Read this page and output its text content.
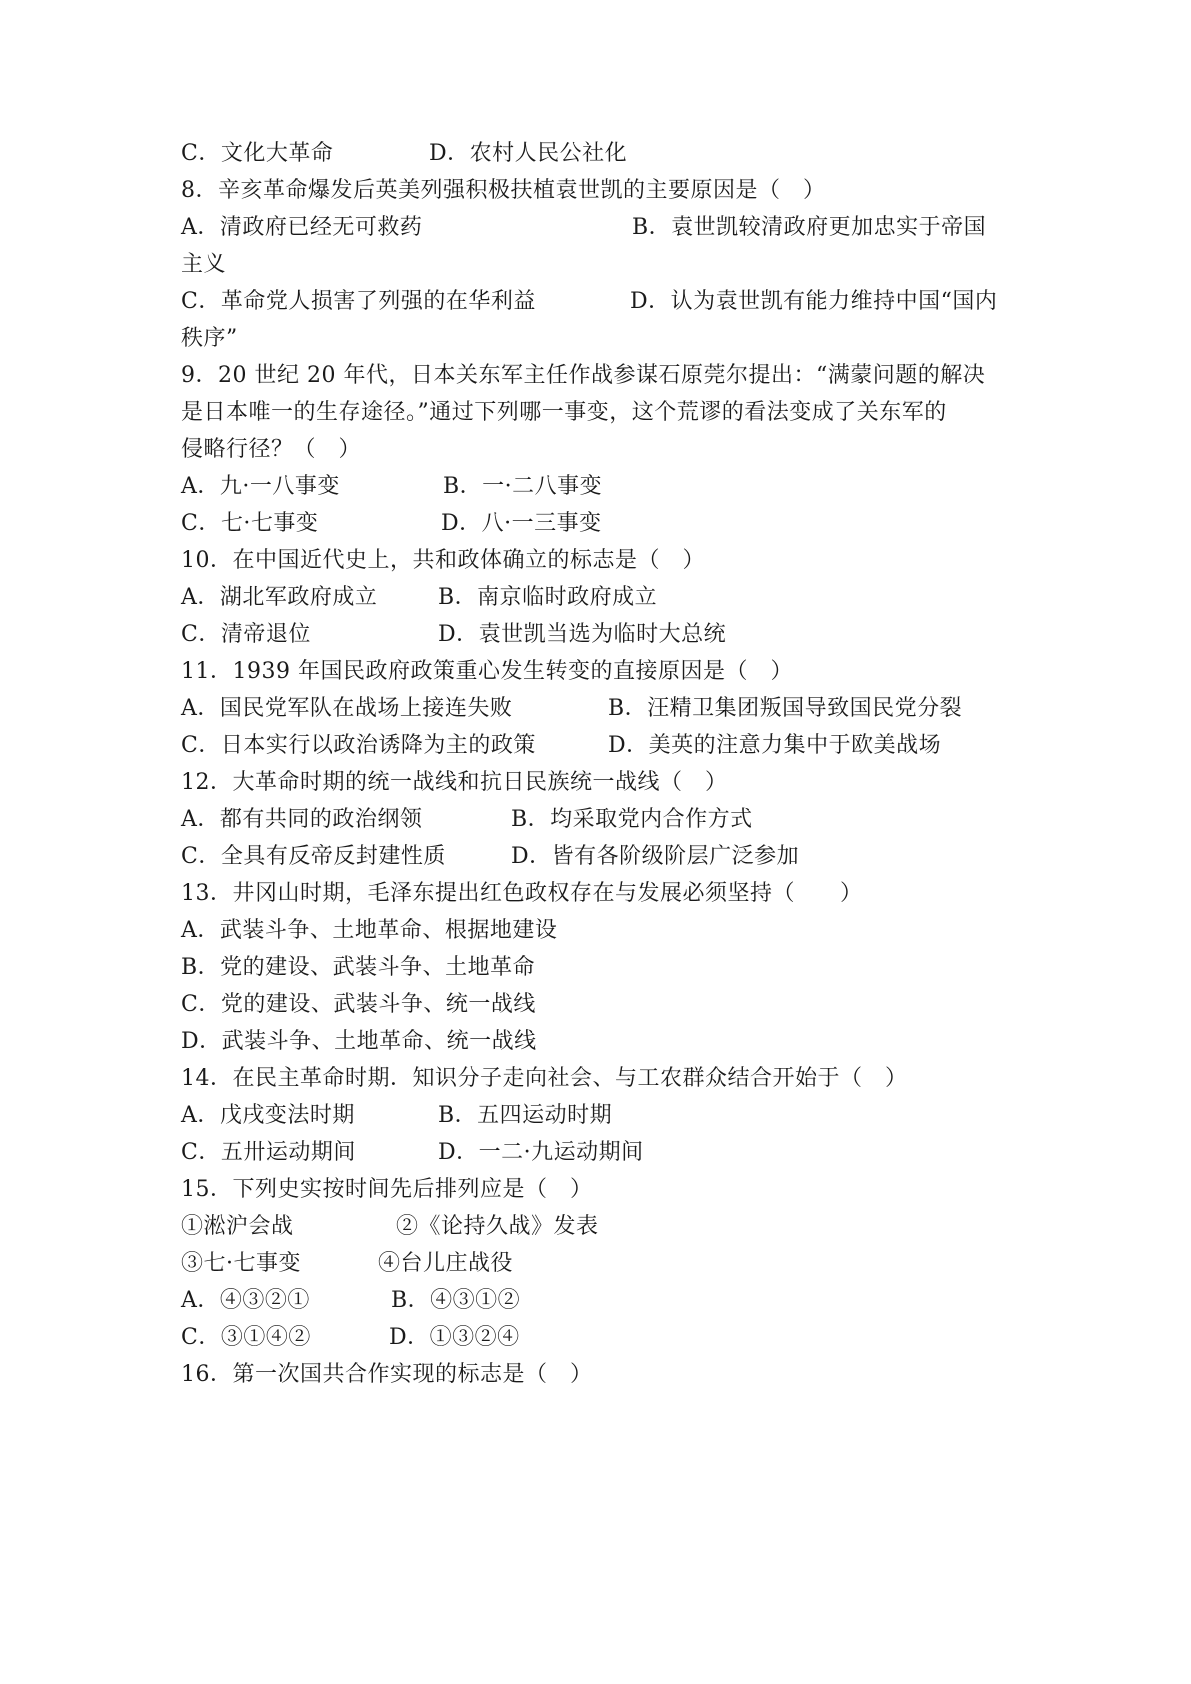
C．文化大革命	D．农村人民公社化
8．辛亥革命爆发后英美列强积极扶植袁世凯的主要原因是（　）
A．清政府已经无可救药	B．袁世凯较清政府更加忠实于帝国
主义
C．革命党人损害了列强的在华利益	D．认为袁世凯有能力维持中国“国内
秩序”
9．20 世纪 20 年代，日本关东军主任作战参谋石原莞尔提出：“满蒙问题的解决
是日本唯一的生存途径。”通过下列哪一事变，这个荒谬的看法变成了关东军的
侵略行径？（　）
A．九·一八事变	B．一·二八事变
C．七·七事变	D．八·一三事变
10．在中国近代史上，共和政体确立的标志是（　）
A．湖北军政府成立	B．南京临时政府成立
C．清帝退位	D．袁世凯当选为临时大总统
11．1939 年国民政府政策重心发生转变的直接原因是（　）
A．国民党军队在战场上接连失败	B．汪精卫集团叛国导致国民党分裂
C．日本实行以政治诱降为主的政策	D．美英的注意力集中于欧美战场
12．大革命时期的统一战线和抗日民族统一战线（　）
A．都有共同的政治纲领	B．均采取党内合作方式
C．全具有反帝反封建性质	D．皆有各阶级阶层广泛参加
13．井冈山时期，毛泽东提出红色政权存在与发展必须坚持（　　）
A．武装斗争、土地革命、根据地建设
B．党的建设、武装斗争、土地革命
C．党的建设、武装斗争、统一战线
D．武装斗争、土地革命、统一战线
14．在民主革命时期．知识分子走向社会、与工农群众结合开始于（　）
A．戊戌变法时期	B．五四运动时期
C．五卅运动期间	D．一二·九运动期间
15．下列史实按时间先后排列应是（　）
①淞沪会战	②《论持久战》发表
③七·七事变	④台儿庄战役
A．④③②①	B．④③①②
C．③①④②	D．①③②④
16．第一次国共合作实现的标志是（　）
